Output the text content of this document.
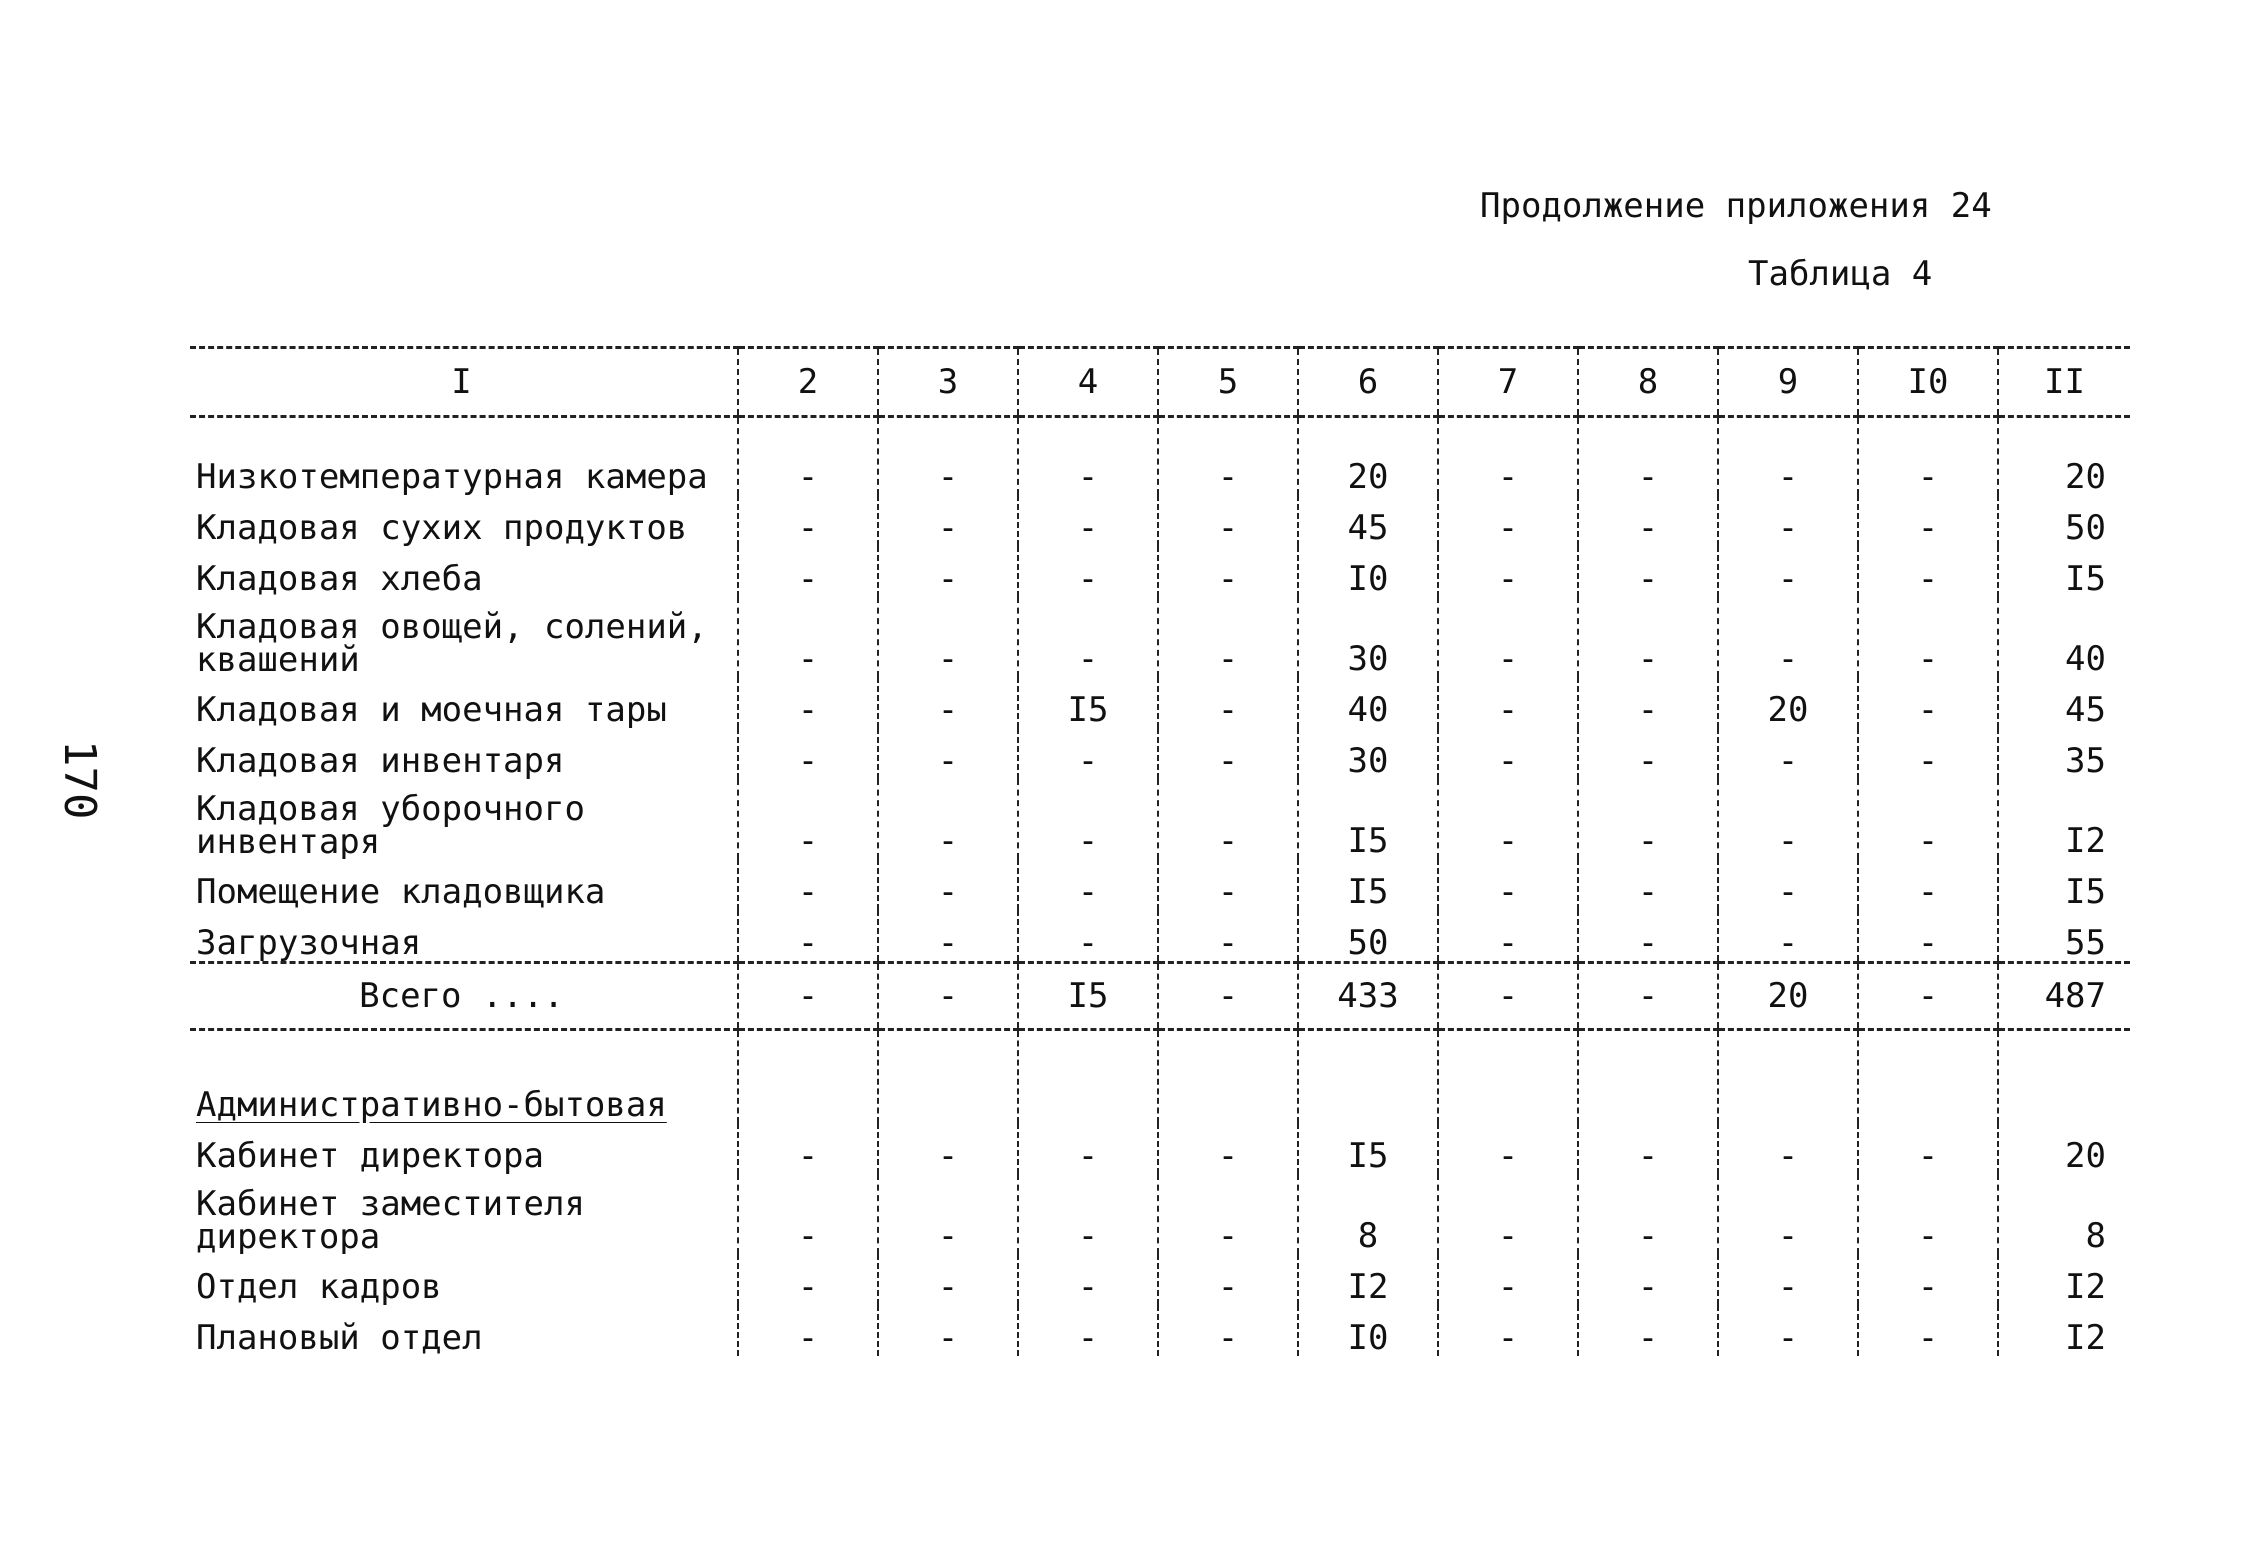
Продолжение приложения 24
Таблица 4
170
I	2	3	4	5	6	7	8	9	I0	II
Низкотемпературная камера	-	-	-	-	20	-	-	-	-	20
Кладовая сухих продуктов	-	-	-	-	45	-	-	-	-	50
Кладовая хлеба	-	-	-	-	I0	-	-	-	-	I5
Кладовая овощей, солений, квашений	-	-	-	-	30	-	-	-	-	40
Кладовая и моечная тары	-	-	I5	-	40	-	-	20	-	45
Кладовая инвентаря	-	-	-	-	30	-	-	-	-	35
Кладовая уборочного инвентаря	-	-	-	-	I5	-	-	-	-	I2
Помещение кладовщика	-	-	-	-	I5	-	-	-	-	I5
Загрузочная	-	-	-	-	50	-	-	-	-	55
Всего ....	-	-	I5	-	433	-	-	20	-	487
Административно-бытовая										
Кабинет директора	-	-	-	-	I5	-	-	-	-	20
Кабинет заместителя директора	-	-	-	-	8	-	-	-	-	8
Отдел кадров	-	-	-	-	I2	-	-	-	-	I2
Плановый отдел	-	-	-	-	I0	-	-	-	-	I2
